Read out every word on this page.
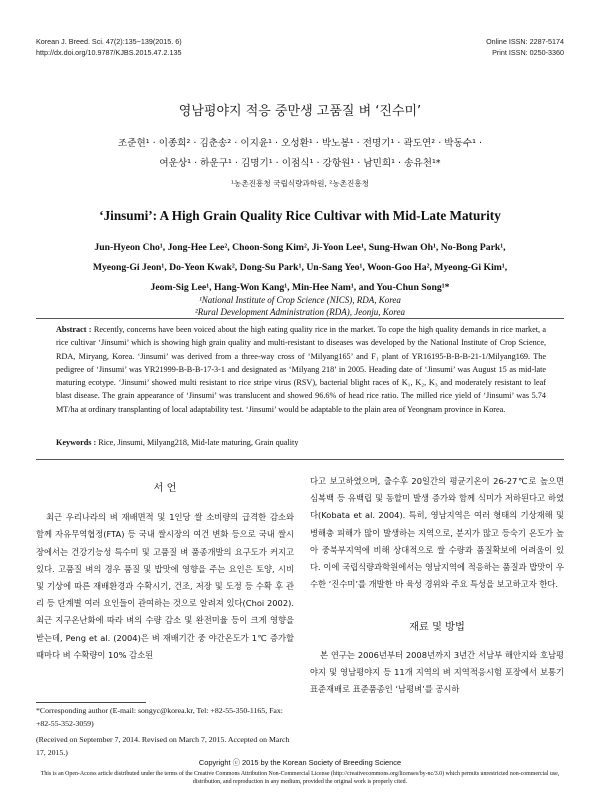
Korean J. Breed. Sci. 47(2):135~139(2015. 6)
http://dx.doi.org/10.9787/KJBS.2015.47.2.135
Online ISSN: 2287-5174
Print ISSN: 0250-3360
영남평야지 적응 중만생 고품질 벼 ‘진수미’
조준현¹ · 이종희² · 김춘송² · 이지윤¹ · 오성환¹ · 박노봉¹ · 전명기¹ · 곽도연² · 박동수¹ ·
여운상¹ · 하운구¹ · 김명기¹ · 이점식¹ · 강항원¹ · 남민희¹ · 송유천¹*
¹농촌진흥청 국립식량과학원, ²농촌진흥청
‘Jinsumi’: A High Grain Quality Rice Cultivar with Mid-Late Maturity
Jun-Hyeon Cho¹, Jong-Hee Lee², Choon-Song Kim², Ji-Yoon Lee¹, Sung-Hwan Oh¹, No-Bong Park¹,
Myeong-Gi Jeon¹, Do-Yeon Kwak², Dong-Su Park¹, Un-Sang Yeo¹, Woon-Goo Ha², Myeong-Gi Kim¹,
Jeom-Sig Lee¹, Hang-Won Kang¹, Min-Hee Nam¹, and You-Chun Song¹*
¹National Institute of Crop Science (NICS), RDA, Korea
²Rural Development Administration (RDA), Jeonju, Korea
Abstract : Recently, concerns have been voiced about the high eating quality rice in the market. To cope the high quality demands in rice market, a rice cultivar ‘Jinsumi’ which is showing high grain quality and multi-resistant to diseases was developed by the National Institute of Crop Science, RDA, Miryang, Korea. ‘Jinsumi’ was derived from a three-way cross of ‘Milyang165’ and F₁ plant of YR16195-B-B-B-21-1/Milyang169. The pedigree of ‘Jinsumi’ was YR21999-B-B-B-17-3-1 and designated as ‘Milyang 218’ in 2005. Heading date of ‘Jinsumi’ was August 15 as mid-late maturing ecotype. ‘Jinsumi’ showed multi resistant to rice stripe virus (RSV), bacterial blight races of K₁, K₂, K₃ and moderately resistant to leaf blast disease. The grain appearance of ‘Jinsumi’ was translucent and showed 96.6% of head rice ratio. The milled rice yield of ‘Jinsumi’ was 5.74 MT/ha at ordinary transplanting of local adaptability test. ‘Jinsumi’ would be adaptable to the plain area of Yeongnam province in Korea.
Keywords : Rice, Jinsumi, Milyang218, Mid-late maturing, Grain quality
서 언

최근 우리나라의 벼 재배면적 및 1인당 쌀 소비량의 급격한 감소와 함께 자유무역협정(FTA) 등 국내 쌀시장의 여건 변화 등으로 국내 쌀시장에서는 건강기능성 특수미 및 고품질 벼 품종개발의 요구도가 커지고 있다. 고품질 벼의 경우 품질 및 밥맛에 영향을 주는 요인은 토양, 시비 및 기상에 따른 재배환경과 수확시기, 건조, 저장 및 도정 등 수확 후 관리 등 단계별 여러 요인들이 관여하는 것으로 알려져 있다(Choi 2002). 최근 지구온난화에 따라 벼의 수량 감소 및 완전미율 등이 크게 영향을 받는데, Peng et al. (2004)은 벼 재배기간 중 야간온도가 1℃ 증가할 때마다 벼 수확량이 10% 감소된

다고 보고하였으며, 출수후 20일간의 평균기온이 26-27℃로 높으면 심복백 등 유백립 및 동할미 발생 증가와 함께 식미가 저하된다고 하였다(Kobata et al. 2004). 특히, 영남지역은 여러 형태의 기상재해 및 병해충 피해가 많이 발생하는 지역으로, 분지가 많고 등숙기 온도가 높아 중북부지역에 비해 상대적으로 쌀 수량과 품질확보에 어려움이 있다. 이에 국립식량과학원에서는 영남지역에 적응하는 품질과 밥맛이 우수한 ‘진수미’를 개발한 바 육성 경위와 주요 특성을 보고하고자 한다.

재료 및 방법

본 연구는 2006년부터 2008년까지 3년간 서남부 해안지와 호남평야지 및 영남평야지 등 11개 지역의 벼 지역적응시험 포장에서 보통기 표준재배로 표준품종인 ‘남평벼’를 공시하

*Corresponding author (E-mail: songyc@korea.kr, Tel: +82-55-350-1165, Fax: +82-55-352-3059)
(Received on September 7, 2014. Revised on March 7, 2015. Accepted on March 17, 2015.)
Copyright ⓒ 2015 by the Korean Society of Breeding Science
This is an Open-Access article distributed under the terms of the Creative Commons Attribution Non-Commercial License (http://creativecommons.org/licenses/by-nc/3.0) which permits unrestricted non-commercial use, distribution, and reproduction in any medium, provided the original work is properly cited.
